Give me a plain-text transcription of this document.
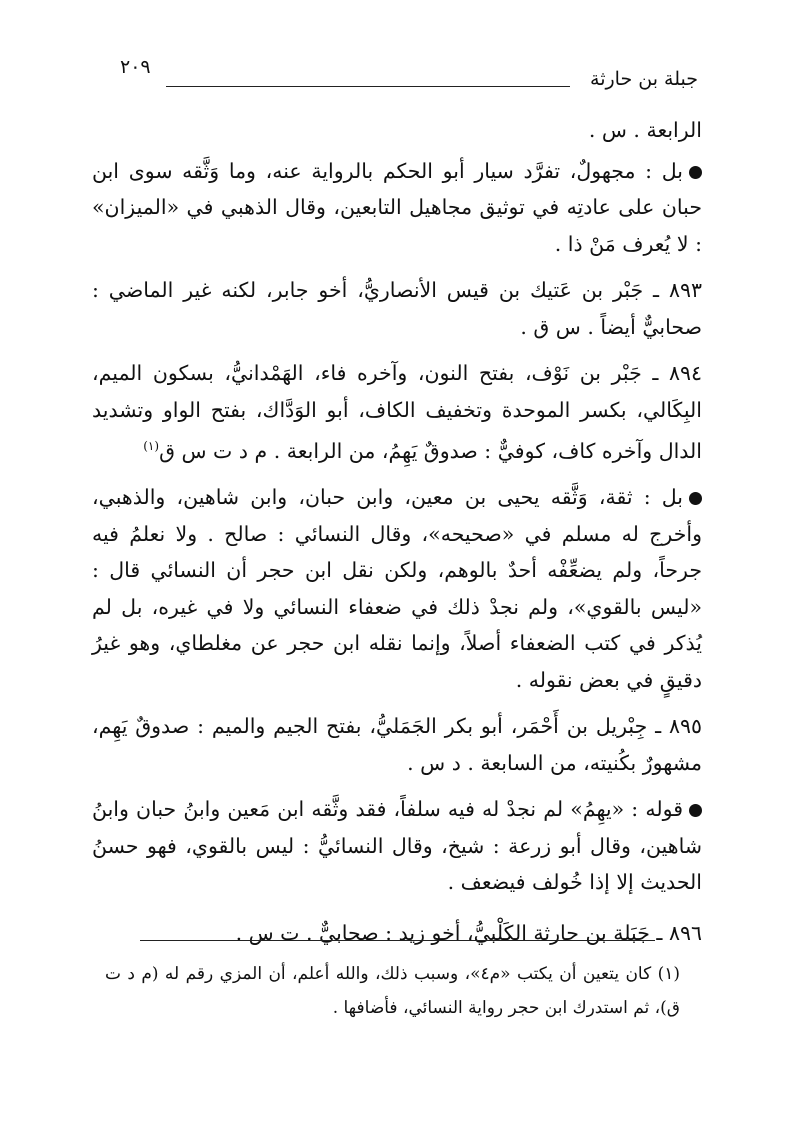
جبلة بن حارثة
٢٠٩

الرابعة . س .

بل : مجهولٌ، تفرَّد سيار أبو الحكم بالرواية عنه، وما وَثَّقه سوى ابن حبان على عادتِه في توثيق مجاهيل التابعين، وقال الذهبي في «الميزان» : لا يُعرف مَنْ ذا .

٨٩٣ ـ جَبْر بن عَتيك بن قيس الأنصاريُّ، أخو جابر، لكنه غير الماضي : صحابيٌّ أيضاً . س ق .

٨٩٤ ـ جَبْر بن نَوْف، بفتح النون، وآخره فاء، الهَمْدانيُّ، بسكون الميم، البِكَالي، بكسر الموحدة وتخفيف الكاف، أبو الوَدَّاك، بفتح الواو وتشديد الدال وآخره كاف، كوفيٌّ : صدوقٌ يَهِمُ، من الرابعة . م د ت س ق$^{(١)}$

بل : ثقة، وَثَّقه يحيى بن معين، وابن حبان، وابن شاهين، والذهبي، وأخرج له مسلم في «صحيحه»، وقال النسائي : صالح . ولا نعلمُ فيه جرحاً، ولم يضعِّفْه أحدٌ بالوهم، ولكن نقل ابن حجر أن النسائي قال : «ليس بالقوي»، ولم نجدْ ذلك في ضعفاء النسائي ولا في غيره، بل لم يُذكر في كتب الضعفاء أصلاً، وإنما نقله ابن حجر عن مغلطاي، وهو غيرُ دقيقٍ في بعض نقوله .

٨٩٥ ـ جِبْريل بن أَحْمَر، أبو بكر الجَمَليُّ، بفتح الجيم والميم : صدوقٌ يَهِم، مشهورٌ بكُنيته، من السابعة . د س .

قوله : «يهِمُ» لم نجدْ له فيه سلفاً، فقد وثَّقه ابن مَعين وابنُ حبان وابنُ شاهين، وقال أبو زرعة : شيخ، وقال النسائيُّ : ليس بالقوي، فهو حسنُ الحديث إلا إذا خُولف فيضعف .

٨٩٦ ـ جَبَلة بن حارثة الكَلْبيُّ، أخو زيد : صحابيٌّ . ت س .

(١) كان يتعين أن يكتب «م٤»، وسبب ذلك، والله أعلم، أن المزي رقم له (م د ت ق)، ثم استدرك ابن حجر رواية النسائي، فأضافها .
